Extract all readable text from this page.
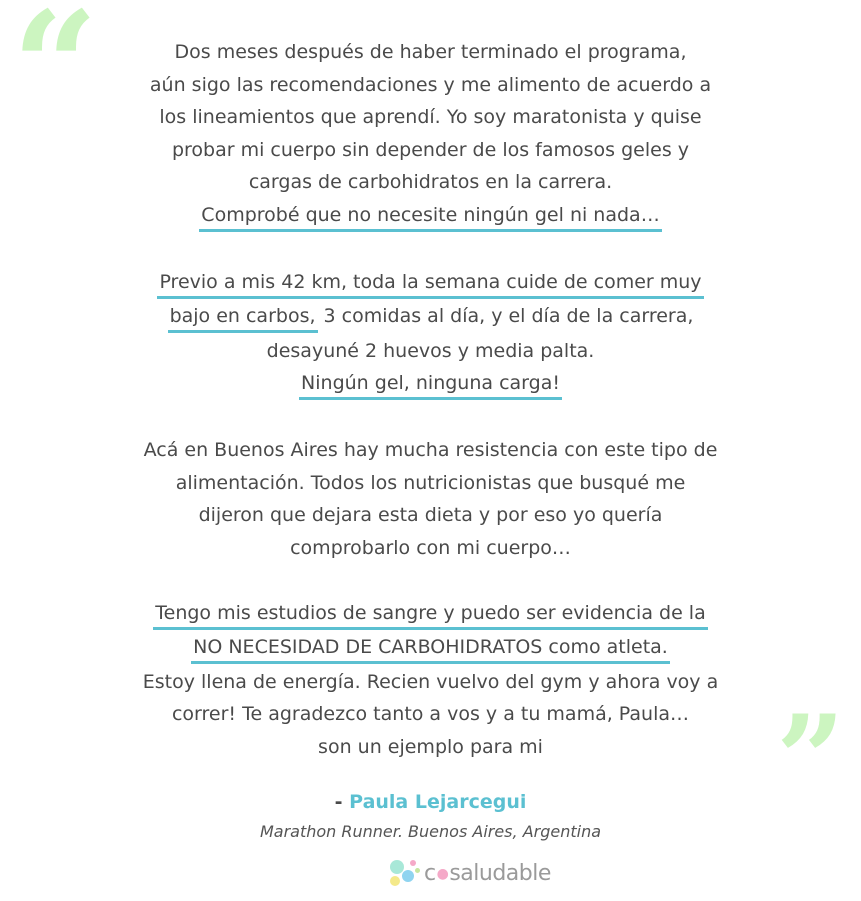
“
”

Dos meses después de haber terminado el programa,
aún sigo las recomendaciones y me alimento de acuerdo a
los lineamientos que aprendí. Yo soy maratonista y quise
probar mi cuerpo sin depender de los famosos geles y
cargas de carbohidratos en la carrera.
Comprobé que no necesite ningún gel ni nada…

Previo a mis 42 km, toda la semana cuide de comer muy
bajo en carbos, 3 comidas al día, y el día de la carrera,
desayuné 2 huevos y media palta.
Ningún gel, ninguna carga!

Acá en Buenos Aires hay mucha resistencia con este tipo de
alimentación. Todos los nutricionistas que busqué me
dijeron que dejara esta dieta y por eso yo quería
comprobarlo con mi cuerpo…

Tengo mis estudios de sangre y puedo ser evidencia de la
NO NECESIDAD DE CARBOHIDRATOS como atleta.
Estoy llena de energía. Recien vuelvo del gym y ahora voy a
correr! Te agradezco tanto a vos y a tu mamá, Paula…
son un ejemplo para mi

- Paula Lejarcegui
Marathon Runner. Buenos Aires, Argentina
c●saludable
